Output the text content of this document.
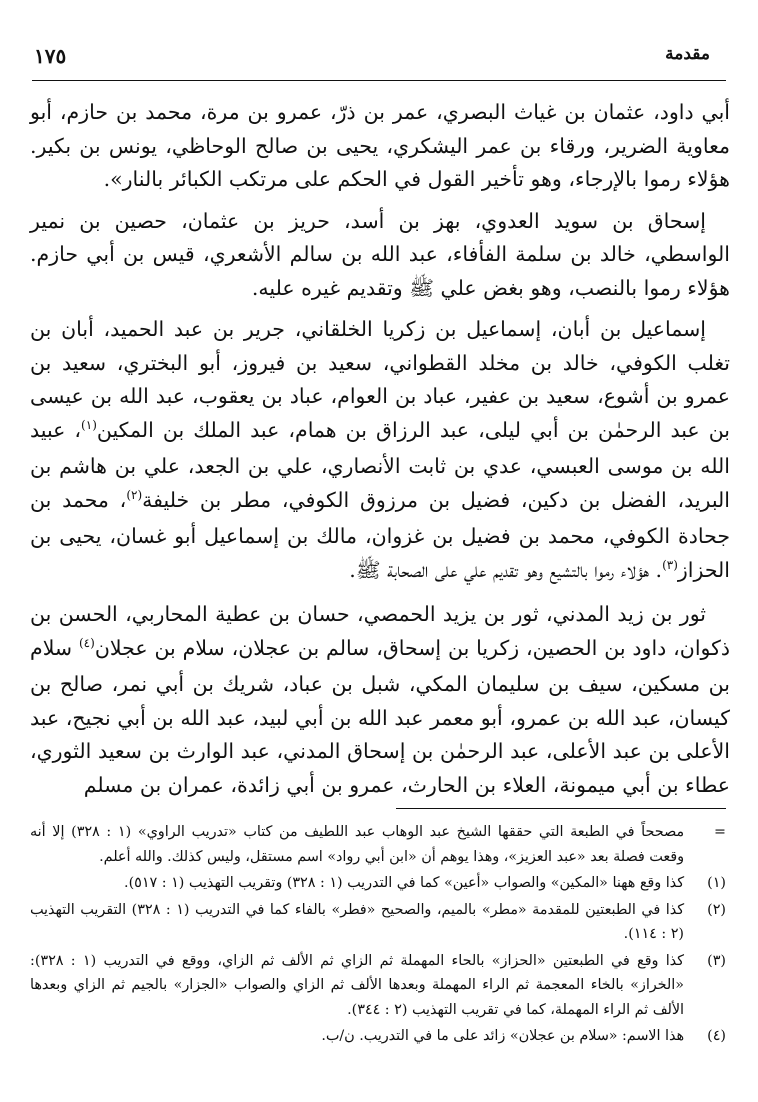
مقدمة
١٧٥

أبي داود، عثمان بن غياث البصري، عمر بن ذرّ، عمرو بن مرة، محمد بن حازم، أبو معاوية الضرير، ورقاء بن عمر اليشكري، يحيى بن صالح الوحاظي، يونس بن بكير. هؤلاء رموا بالإرجاء، وهو تأخير القول في الحكم على مرتكب الكبائر بالنار».

إسحاق بن سويد العدوي، بهز بن أسد، حريز بن عثمان، حصين بن نمير الواسطي، خالد بن سلمة الفأفاء، عبد الله بن سالم الأشعري، قيس بن أبي حازم. هؤلاء رموا بالنصب، وهو بغض علي ﷺ وتقديم غيره عليه.

إسماعيل بن أبان، إسماعيل بن زكريا الخلقاني، جرير بن عبد الحميد، أبان بن تغلب الكوفي، خالد بن مخلد القطواني، سعيد بن فيروز، أبو البختري، سعيد بن عمرو بن أشوع، سعيد بن عفير، عباد بن العوام، عباد بن يعقوب، عبد الله بن عيسى بن عبد الرحمٰن بن أبي ليلى، عبد الرزاق بن همام، عبد الملك بن المكين$^{(١)}$، عبيد الله بن موسى العبسي، عدي بن ثابت الأنصاري، علي بن الجعد، علي بن هاشم بن البريد، الفضل بن دكين، فضيل بن مرزوق الكوفي، مطر بن خليفة$^{(٢)}$، محمد بن جحادة الكوفي، محمد بن فضيل بن غزوان، مالك بن إسماعيل أبو غسان، يحيى بن الحزاز$^{(٣)}$. هؤلاء رموا بالتشيع وهو تقديم علي على الصحابة ﷺ.

ثور بن زيد المدني، ثور بن يزيد الحمصي، حسان بن عطية المحاربي، الحسن بن ذكوان، داود بن الحصين، زكريا بن إسحاق، سالم بن عجلان، سلام بن عجلان$^{(٤)}$ سلام بن مسكين، سيف بن سليمان المكي، شبل بن عباد، شريك بن أبي نمر، صالح بن كيسان، عبد الله بن عمرو، أبو معمر عبد الله بن أبي لبيد، عبد الله بن أبي نجيح، عبد الأعلى بن عبد الأعلى، عبد الرحمٰن بن إسحاق المدني، عبد الوارث بن سعيد الثوري، عطاء بن أبي ميمونة، العلاء بن الحارث، عمرو بن أبي زائدة، عمران بن مسلم

=
مصححاً في الطبعة التي حققها الشيخ عبد الوهاب عبد اللطيف من كتاب «تدريب الراوي» (١ : ٣٢٨) إلا أنه وقعت فصلة بعد «عبد العزيز»، وهذا يوهم أن «ابن أبي رواد» اسم مستقل، وليس كذلك. والله أعلم.
(١)
كذا وقع ههنا «المكين» والصواب «أعين» كما في التدريب (١ : ٣٢٨) وتقريب التهذيب (١ : ٥١٧).
(٢)
كذا في الطبعتين للمقدمة «مطر» بالميم، والصحيح «فطر» بالفاء كما في التدريب (١ : ٣٢٨) التقريب التهذيب (٢ : ١١٤).
(٣)
كذا وقع في الطبعتين «الحزاز» بالحاء المهملة ثم الزاي ثم الألف ثم الزاي، ووقع في التدريب (١ : ٣٢٨): «الخراز» بالخاء المعجمة ثم الراء المهملة وبعدها الألف ثم الزاي والصواب «الجزار» بالجيم ثم الزاي وبعدها الألف ثم الراء المهملة، كما في تقريب التهذيب (٢ : ٣٤٤).
(٤)
هذا الاسم: «سلام بن عجلان» زائد على ما في التدريب. ن/ب.
